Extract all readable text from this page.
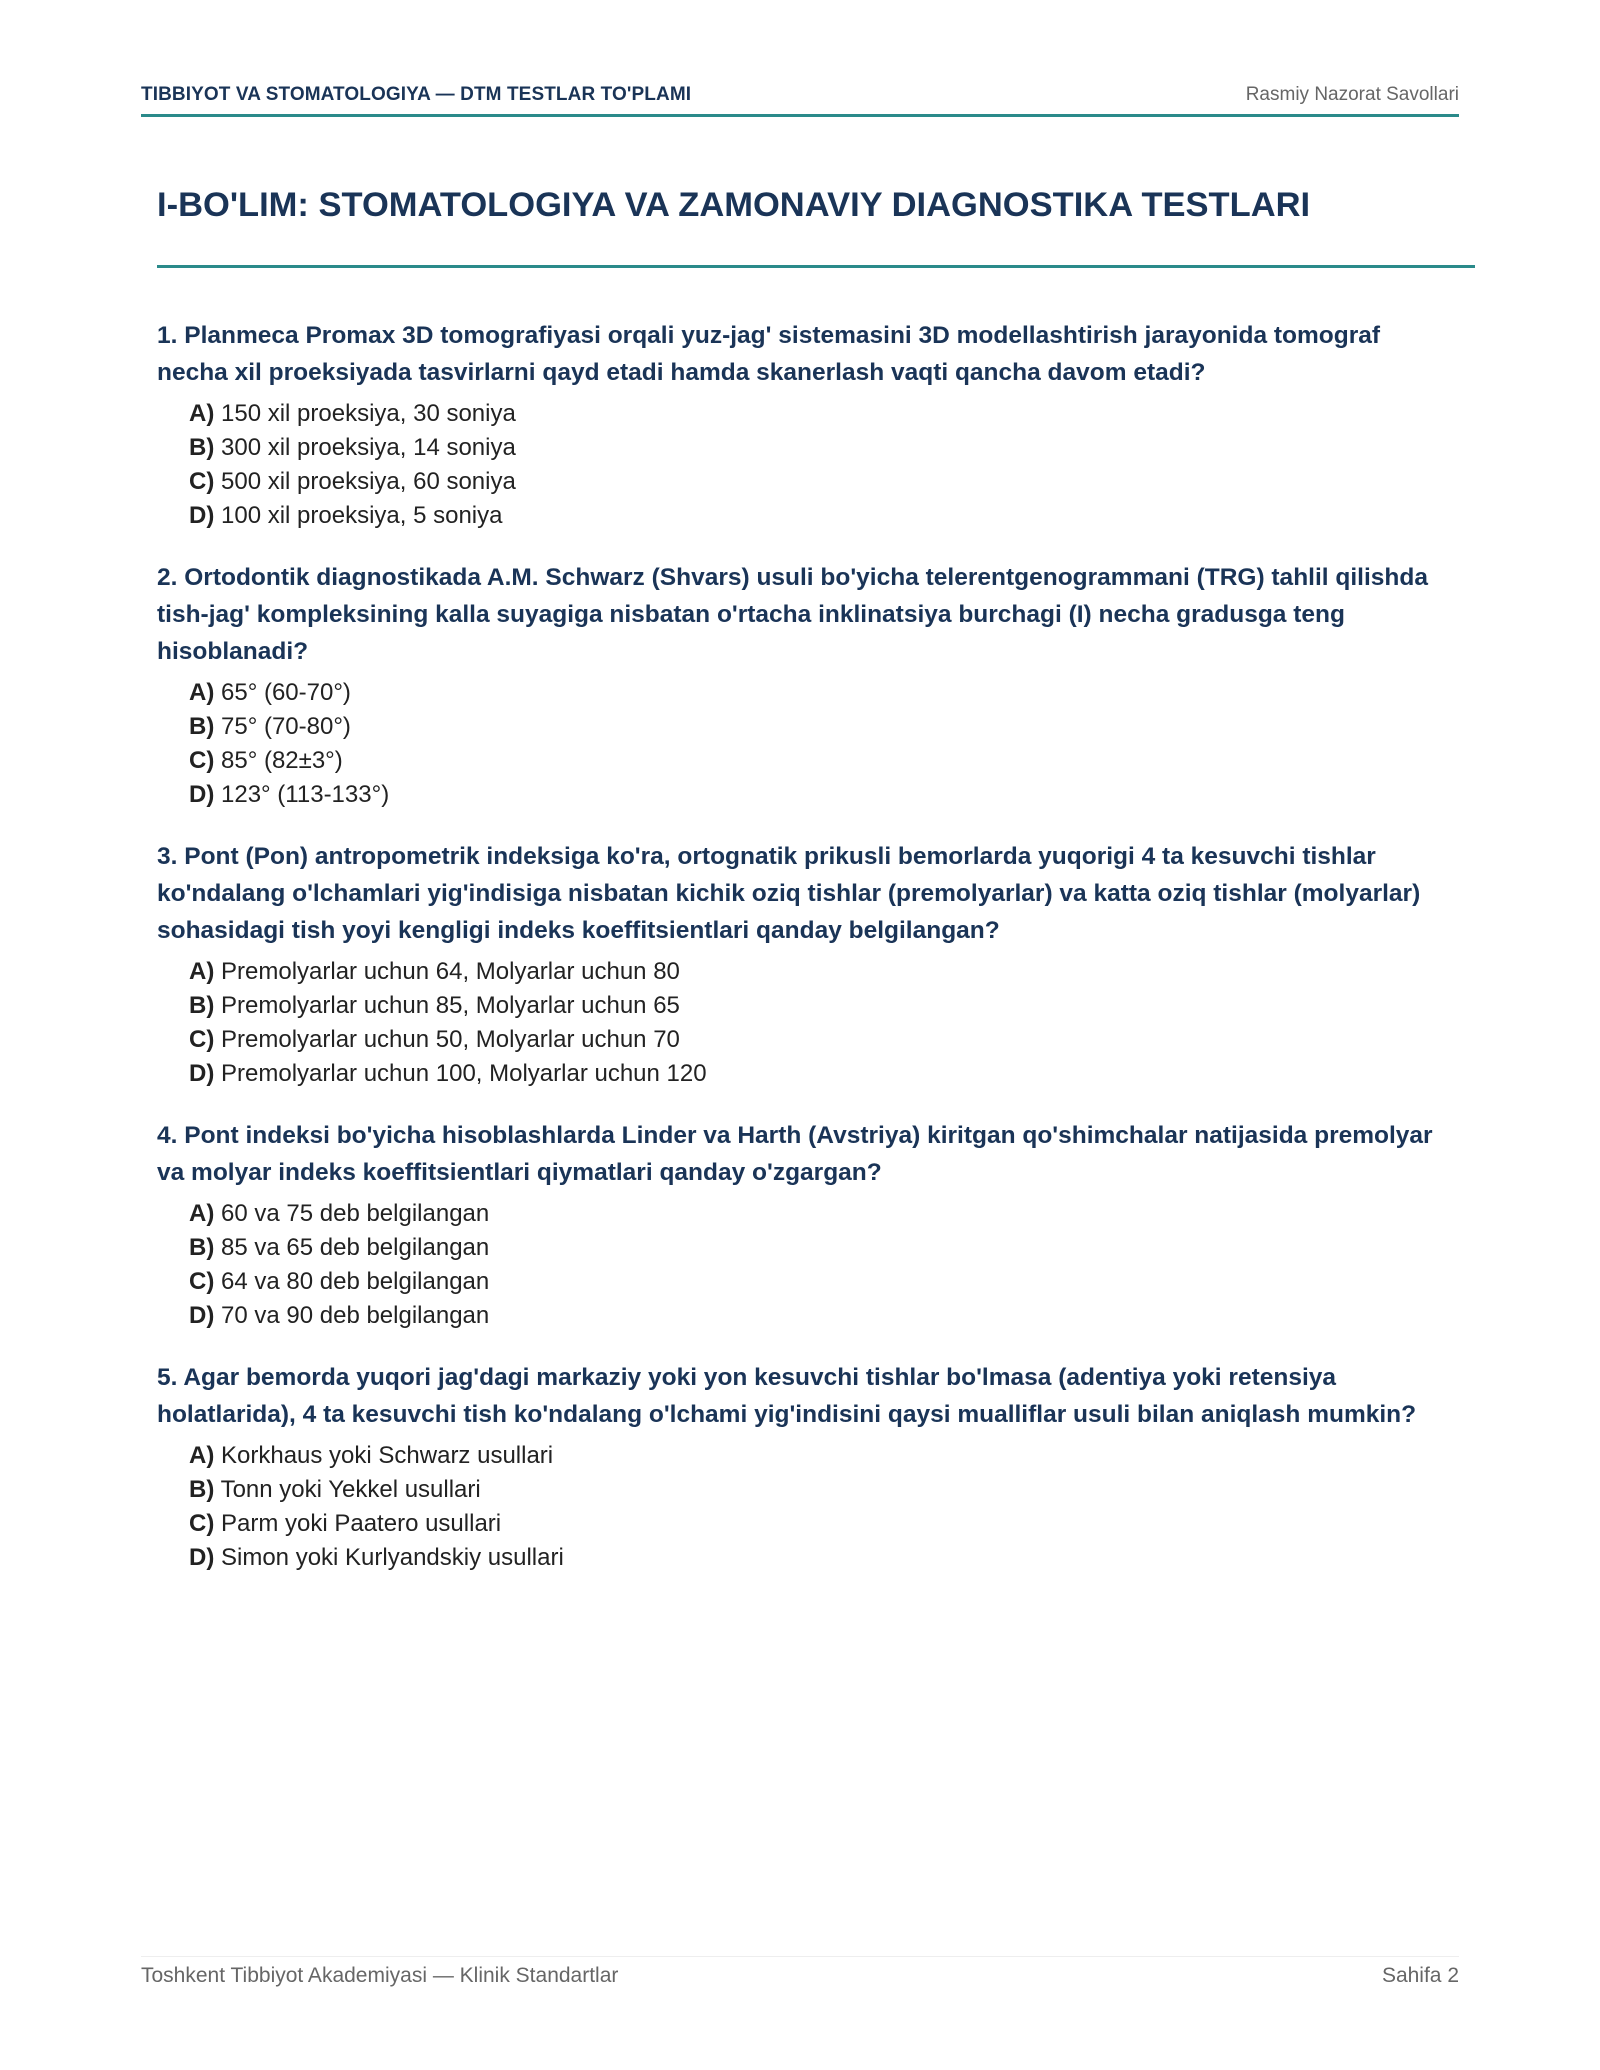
TIBBIYOT VA STOMATOLOGIYA — DTM TESTLAR TO'PLAMI	Rasmiy Nazorat Savollari
I-BO'LIM: STOMATOLOGIYA VA ZAMONAVIY DIAGNOSTIKA TESTLARI

1. Planmeca Promax 3D tomografiyasi orqali yuz-jag' sistemasini 3D modellashtirish jarayonida tomograf necha xil proeksiyada tasvirlarni qayd etadi hamda skanerlash vaqti qancha davom etadi?

A) 150 xil proeksiya, 30 soniya
B) 300 xil proeksiya, 14 soniya
C) 500 xil proeksiya, 60 soniya
D) 100 xil proeksiya, 5 soniya

2. Ortodontik diagnostikada A.M. Schwarz (Shvars) usuli bo'yicha telerentgenogrammani (TRG) tahlil qilishda tish-jag' kompleksining kalla suyagiga nisbatan o'rtacha inklinatsiya burchagi (I) necha gradusga teng hisoblanadi?

A) 65° (60-70°)
B) 75° (70-80°)
C) 85° (82±3°)
D) 123° (113-133°)

3. Pont (Pon) antropometrik indeksiga ko'ra, ortognatik prikusli bemorlarda yuqorigi 4 ta kesuvchi tishlar ko'ndalang o'lchamlari yig'indisiga nisbatan kichik oziq tishlar (premolyarlar) va katta oziq tishlar (molyarlar) sohasidagi tish yoyi kengligi indeks koeffitsientlari qanday belgilangan?

A) Premolyarlar uchun 64, Molyarlar uchun 80
B) Premolyarlar uchun 85, Molyarlar uchun 65
C) Premolyarlar uchun 50, Molyarlar uchun 70
D) Premolyarlar uchun 100, Molyarlar uchun 120

4. Pont indeksi bo'yicha hisoblashlarda Linder va Harth (Avstriya) kiritgan qo'shimchalar natijasida premolyar va molyar indeks koeffitsientlari qiymatlari qanday o'zgargan?

A) 60 va 75 deb belgilangan
B) 85 va 65 deb belgilangan
C) 64 va 80 deb belgilangan
D) 70 va 90 deb belgilangan

5. Agar bemorda yuqori jag'dagi markaziy yoki yon kesuvchi tishlar bo'lmasa (adentiya yoki retensiya holatlarida), 4 ta kesuvchi tish ko'ndalang o'lchami yig'indisini qaysi mualliflar usuli bilan aniqlash mumkin?

A) Korkhaus yoki Schwarz usullari
B) Tonn yoki Yekkel usullari
C) Parm yoki Paatero usullari
D) Simon yoki Kurlyandskiy usullari
Toshkent Tibbiyot Akademiyasi — Klinik Standartlar	Sahifa 2
